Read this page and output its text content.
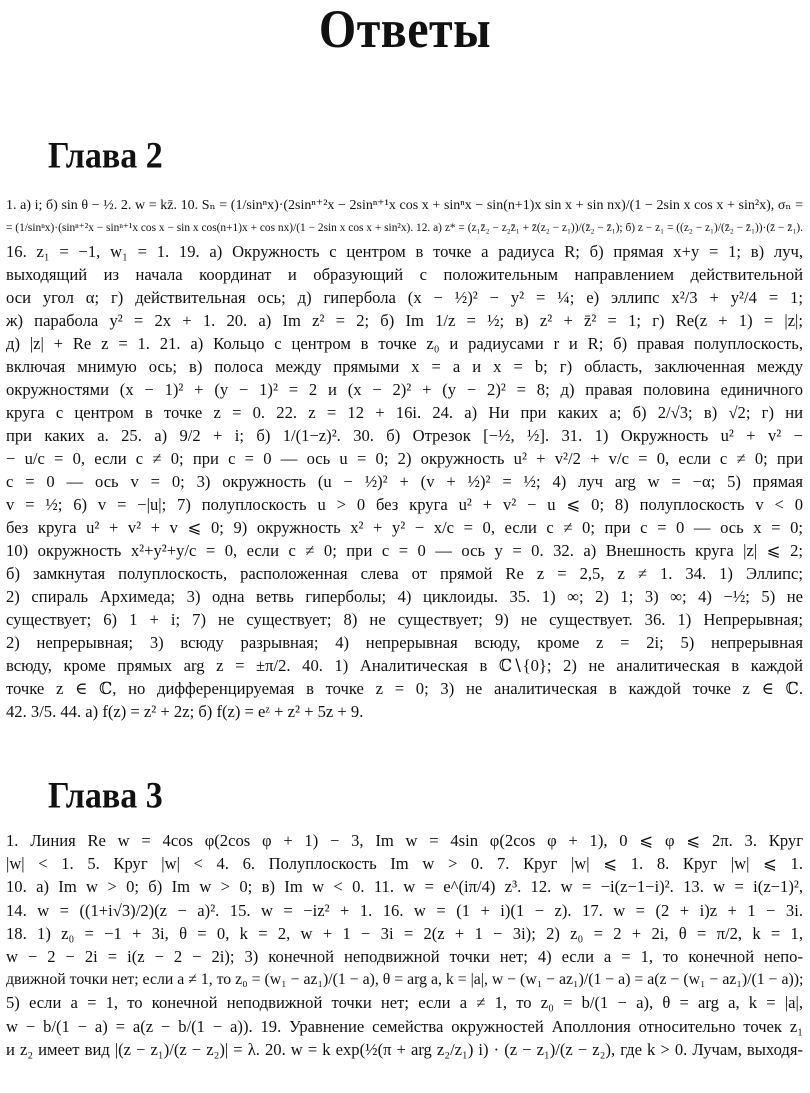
Ответы
Глава 2
1. а) i; б) sin θ − ½. 2. w = kz̄. 10. Sₙ = (1/sinⁿx)·(2sinⁿ⁺²x − 2sinⁿ⁺¹x cos x + sinⁿx − sin(n+1)x sin x + sin nx)/(1 − 2sin x cos x + sin²x), σₙ =
= (1/sinⁿx)·(sinⁿ⁺²x − sinⁿ⁺¹x cos x − sin x cos(n+1)x + cos nx)/(1 − 2sin x cos x + sin²x). 12. а) z* = (z₁z̄₂ − z₂z̄₁ + z̄(z₂ − z₁))/(z̄₂ − z̄₁); б) z − z₁ = ((z₂ − z₁)/(z̄₂ − z̄₁))·(z̄ − z̄₁).
16. z₁ = −1, w₁ = 1. 19. а) Окружность с центром в точке a радиуса R; б) прямая x+y = 1; в) луч,
выходящий из начала координат и образующий с положительным направлением действительной
оси угол α; г) действительная ось; д) гипербола (x − ½)² − y² = ¼; е) эллипс x²/3 + y²/4 = 1;
ж) парабола y² = 2x + 1. 20. а) Im z² = 2; б) Im 1/z = ½; в) z² + z̄² = 1; г) Re(z + 1) = |z|;
д) |z| + Re z = 1. 21. а) Кольцо с центром в точке z₀ и радиусами r и R; б) правая полуплоскость,
включая мнимую ось; в) полоса между прямыми x = a и x = b; г) область, заключенная между
окружностями (x − 1)² + (y − 1)² = 2 и (x − 2)² + (y − 2)² = 8; д) правая половина единичного
круга с центром в точке z = 0. 22. z = 12 + 16i. 24. а) Ни при каких a; б) 2/√3; в) √2; г) ни
при каких a. 25. а) 9/2 + i; б) 1/(1−z)². 30. б) Отрезок [−½, ½]. 31. 1) Окружность u² + v² −
− u/c = 0, если c ≠ 0; при c = 0 — ось u = 0; 2) окружность u² + v²/2 + v/c = 0, если c ≠ 0; при
c = 0 — ось v = 0; 3) окружность (u − ½)² + (v + ½)² = ½; 4) луч arg w = −α; 5) прямая
v = ½; 6) v = −|u|; 7) полуплоскость u > 0 без круга u² + v² − u ⩽ 0; 8) полуплоскость v < 0
без круга u² + v² + v ⩽ 0; 9) окружность x² + y² − x/c = 0, если c ≠ 0; при c = 0 — ось x = 0;
10) окружность x²+y²+y/c = 0, если c ≠ 0; при c = 0 — ось y = 0. 32. а) Внешность круга |z| ⩽ 2;
б) замкнутая полуплоскость, расположенная слева от прямой Re z = 2,5, z ≠ 1. 34. 1) Эллипс;
2) спираль Архимеда; 3) одна ветвь гиперболы; 4) циклоиды. 35. 1) ∞; 2) 1; 3) ∞; 4) −½; 5) не
существует; 6) 1 + i; 7) не существует; 8) не существует; 9) не существует. 36. 1) Непрерывная;
2) непрерывная; 3) всюду разрывная; 4) непрерывная всюду, кроме z = 2i; 5) непрерывная
всюду, кроме прямых arg z = ±π/2. 40. 1) Аналитическая в ℂ∖{0}; 2) не аналитическая в каждой
точке z ∈ ℂ, но дифференцируемая в точке z = 0; 3) не аналитическая в каждой точке z ∈ ℂ.
42. 3/5. 44. а) f(z) = z² + 2z; б) f(z) = eᶻ + z² + 5z + 9.
Глава 3
1. Линия Re w = 4cos φ(2cos φ + 1) − 3, Im w = 4sin φ(2cos φ + 1), 0 ⩽ φ ⩽ 2π. 3. Круг
|w| < 1. 5. Круг |w| < 4. 6. Полуплоскость Im w > 0. 7. Круг |w| ⩽ 1. 8. Круг |w| ⩽ 1.
10. а) Im w > 0; б) Im w > 0; в) Im w < 0. 11. w = e^(iπ/4) z³. 12. w = −i(z−1−i)². 13. w = i(z−1)²,
14. w = ((1+i√3)/2)(z − a)². 15. w = −iz² + 1. 16. w = (1 + i)(1 − z). 17. w = (2 + i)z + 1 − 3i.
18. 1) z₀ = −1 + 3i, θ = 0, k = 2, w + 1 − 3i = 2(z + 1 − 3i); 2) z₀ = 2 + 2i, θ = π/2, k = 1,
w − 2 − 2i = i(z − 2 − 2i); 3) конечной неподвижной точки нет; 4) если a = 1, то конечной непо-
движной точки нет; если a ≠ 1, то z₀ = (w₁ − az₁)/(1 − a), θ = arg a, k = |a|, w − (w₁ − az₁)/(1 − a) = a(z − (w₁ − az₁)/(1 − a));
5) если a = 1, то конечной неподвижной точки нет; если a ≠ 1, то z₀ = b/(1 − a), θ = arg a, k = |a|,
w − b/(1 − a) = a(z − b/(1 − a)). 19. Уравнение семейства окружностей Аполлония относительно точек z₁
и z₂ имеет вид |(z − z₁)/(z − z₂)| = λ. 20. w = k exp(½(π + arg z₂/z₁) i) · (z − z₁)/(z − z₂), где k > 0. Лучам, выходя-
